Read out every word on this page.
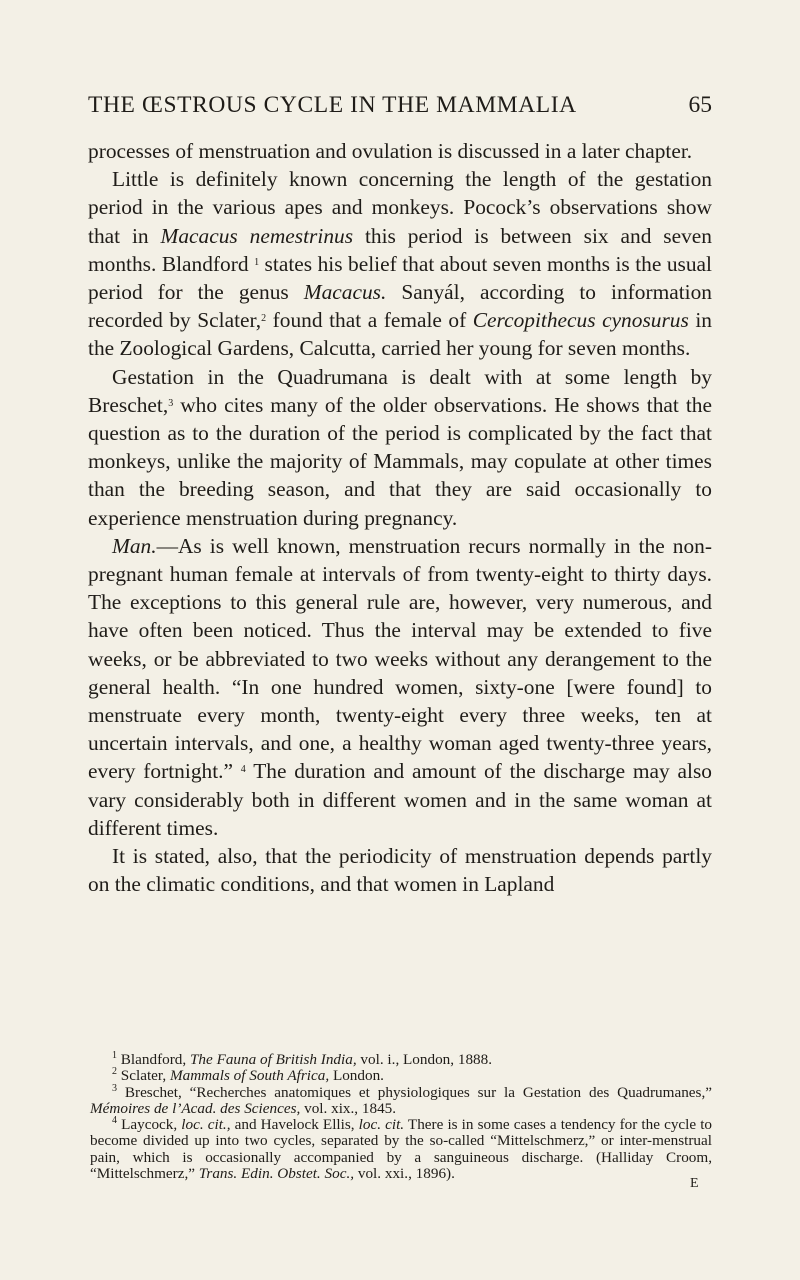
THE ŒSTROUS CYCLE IN THE MAMMALIA	65

processes of menstruation and ovulation is discussed in a later chapter.

Little is definitely known concerning the length of the gestation period in the various apes and monkeys. Pocock’s observations show that in Macacus nemestrinus this period is between six and seven months. Blandford $^1$ states his belief that about seven months is the usual period for the genus Macacus. Sanyál, according to information recorded by Sclater,$^2$ found that a female of Cercopithecus cynosurus in the Zoological Gardens, Calcutta, carried her young for seven months.

Gestation in the Quadrumana is dealt with at some length by Breschet,$^3$ who cites many of the older observations. He shows that the question as to the duration of the period is complicated by the fact that monkeys, unlike the majority of Mammals, may copulate at other times than the breeding season, and that they are said occasionally to experience menstruation during pregnancy.

Man.—As is well known, menstruation recurs normally in the non-pregnant human female at intervals of from twenty-eight to thirty days. The exceptions to this general rule are, however, very numerous, and have often been noticed. Thus the interval may be extended to five weeks, or be abbreviated to two weeks without any derangement to the general health. “In one hundred women, sixty-one [were found] to menstruate every month, twenty-eight every three weeks, ten at uncertain intervals, and one, a healthy woman aged twenty-three years, every fortnight.” $^4$ The duration and amount of the discharge may also vary considerably both in different women and in the same woman at different times.

It is stated, also, that the periodicity of menstruation depends partly on the climatic conditions, and that women in Lapland

$^1$ Blandford, The Fauna of British India, vol. i., London, 1888.

$^2$ Sclater, Mammals of South Africa, London.

$^3$ Breschet, “Recherches anatomiques et physiologiques sur la Gestation des Quadrumanes,” Mémoires de l’Acad. des Sciences, vol. xix., 1845.

$^4$ Laycock, loc. cit., and Havelock Ellis, loc. cit. There is in some cases a tendency for the cycle to become divided up into two cycles, separated by the so-called “Mittelschmerz,” or inter-menstrual pain, which is occasionally accompanied by a sanguineous discharge. (Halliday Croom, “Mittelschmerz,” Trans. Edin. Obstet. Soc., vol. xxi., 1896).

E
